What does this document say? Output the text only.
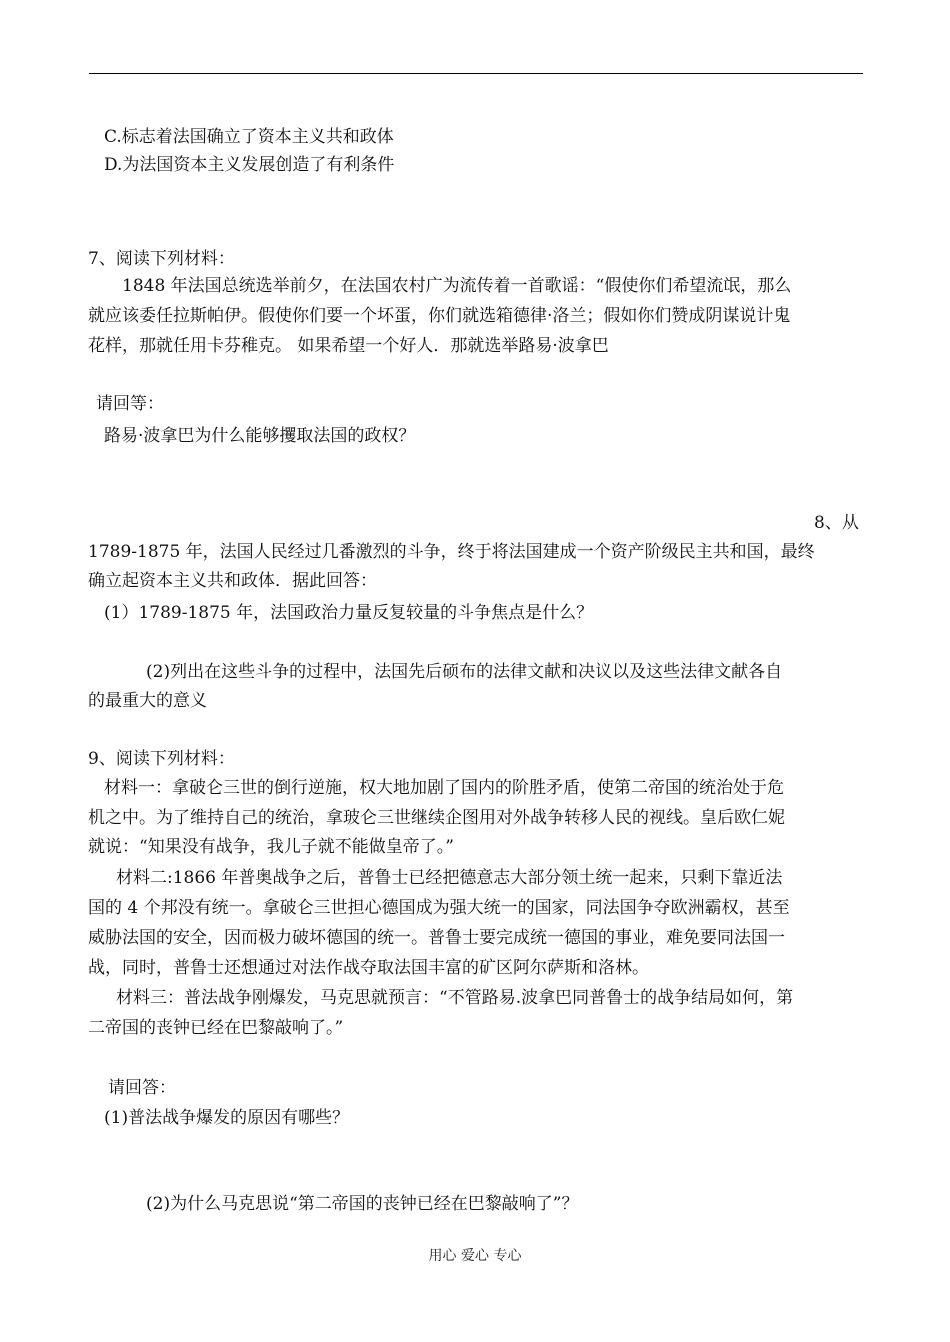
C.标志着法国确立了资本主义共和政体
D.为法国资本主义发展创造了有利条件
7、阅读下列材料：
1848 年法国总统选举前夕，在法国农村广为流传着一首歌谣：“假使你们希望流氓，那么
就应该委任拉斯帕伊。假使你们要一个坏蛋，你们就选箱德律·洛兰；假如你们赞成阴谋说计鬼
花样，那就任用卡芬稚克。 如果希望一个好人．那就选举路易·波拿巴
请回等：
路易·波拿巴为什么能够攫取法国的政权？
8、从
1789-1875 年，法国人民经过几番激烈的斗争，终于将法国建成一个资产阶级民主共和国，最终
确立起资本主义共和政体．据此回答：
(1）1789-1875 年，法国政治力量反复较量的斗争焦点是什么？
(2)列出在这些斗争的过程中，法国先后硕布的法律文献和决议以及这些法律文献各自
的最重大的意义
9、阅读下列材料：
材料一：拿破仑三世的倒行逆施，权大地加剧了国内的阶胜矛盾，使第二帝国的统治处于危
机之中。为了维持自己的统治，拿玻仑三世继续企图用对外战争转移人民的视线。皇后欧仁妮
就说：“知果没有战争，我儿子就不能做皇帝了。”
材料二:1866 年普奥战争之后，普鲁士已经把德意志大部分领土统一起来，只剩下靠近法
国的 4 个邦没有统一。拿破仑三世担心德国成为强大统一的国家，同法国争夺欧洲霸权，甚至
威胁法国的安全，因而极力破坏德国的统一。普鲁士要完成统一德国的事业，难免要同法国一
战，同时，普鲁士还想通过对法作战夺取法国丰富的矿区阿尔萨斯和洛林。
材料三：普法战争刚爆发，马克思就预言：“不管路易.波拿巴同普鲁士的战争结局如何，第
二帝国的丧钟已经在巴黎敲响了。”
请回答：
(1)普法战争爆发的原因有哪些？
(2)为什么马克思说“第二帝国的丧钟已经在巴黎敲响了”？
用心 爱心 专心
